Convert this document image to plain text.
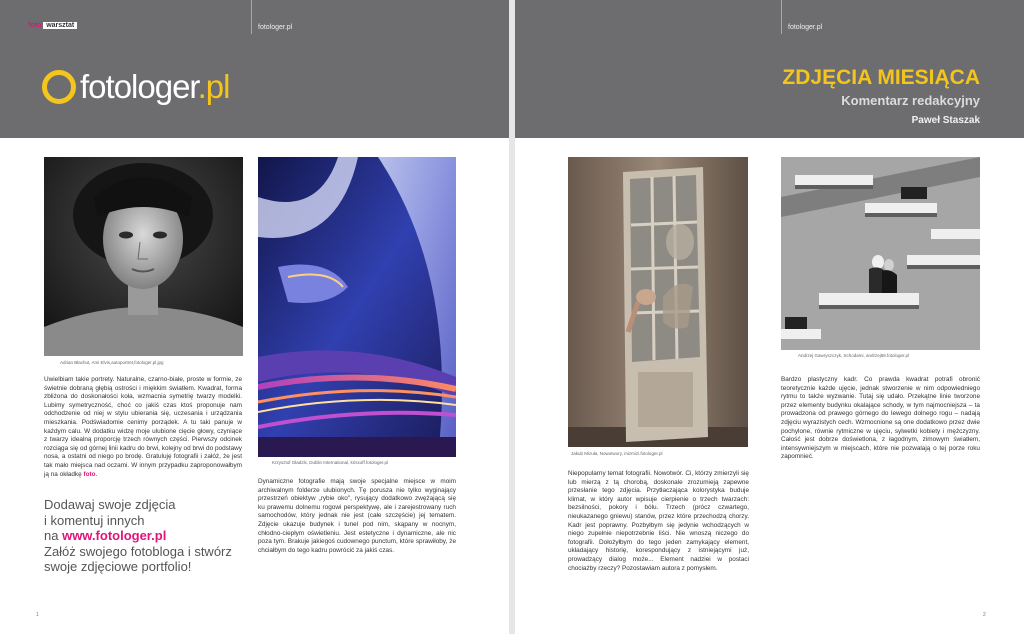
foto warsztat	fotologer.pl
fotologer.pl
Adrian Błachut, Ami Elvis,autoportret,fotologer.pl.jpg
Krzysztof Gładzik, Dublin International, krisxoff.fotologer.pl

Uwielbiam takie portrety. Naturalne, czarno-białe, proste w formie, ze świetnie dobraną głębią ostrości i miękkim światłem. Kwadrat, forma zbliżona do doskonałości koła, wzmacnia symetrię twarzy modelki. Lubimy symetryczność, choć co jakiś czas ktoś proponuje nam odchodzenie od niej w stylu ubierania się, uczesania i urządzania mieszkania. Podświadomie cenimy porządek. A tu taki panuje w każdym calu. W dodatku widzę moje ulubione cięcie głowy, czyniące z twarzy idealną proporcję trzech równych części. Pierwszy odcinek rozciąga się od górnej linii kadru do brwi, kolejny od brwi do podstawy nosa, a ostatni od niego po brodę. Gratuluję fotografii i załóż, że jest tak mało miejsca nad oczami. W innym przypadku zaproponowałbym ją na okładkę foto.

Dynamiczne fotografie mają swoje specjalne miejsce w moim archiwalnym folderze ulubionych. Tę porusza nie tylko wyginający przestrzeń obiektyw „rybie oko", rysujący dodatkowo zwężającą się ku prawemu dolnemu rogowi perspektywę, ale i zarejestrowany ruch samochodów, który jednak nie jest (całe szczęście) jej tematem. Zdjęcie ukazuje budynek i tunel pod nim, skąpany w nocnym, chłodno-ciepłym oświetleniu. Jest estetyczne i dynamiczne, ale nic poza tym. Brakuje jakiegoś cudownego punctum, które sprawiłoby, że chciałbym do tego kadru powrócić za jakiś czas.

Dodawaj swoje zdjęcia
i komentuj innych
na www.fotologer.pl
Załóż swojego fotobloga i stwórz
swoje zdjęciowe portfolio!
1
fotologer.pl
ZDJĘCIA MIESIĄCA
Komentarz redakcyjny
Paweł Staszak
Jakub Mizuła, Nowotwory, mizmizi.fotologer.pl
Andrzej Gawryszczyk, Schodami, andrzej68.fotologer.pl

Niepopularny temat fotografii. Nowotwór. Ci, którzy zmierzyli się lub mierzą z tą chorobą, doskonale zrozumieją zapewne przesłanie tego zdjęcia. Przytłaczająca kolorystyka buduje klimat, w który autor wpisuje cierpienie o trzech twarzach: bezsilności, pokory i bólu. Trzech (prócz czwartego, nieukazanego gniewu) stanów, przez które przechodzą chorzy. Kadr jest poprawny. Pozbyłbym się jedynie wchodzących w niego zupełnie niepotrzebnie liści. Nie wnoszą niczego do fotografii. Dołożyłbym do tego jeden zamykający element, układający historię, korespondujący z istniejącymi już, prowadzący dialog może... Element nadziei w postaci chociażby rzeczy? Pozostawiam autora z pomysłem.

Bardzo plastyczny kadr. Co prawda kwadrat potrafi obronić teoretycznie każde ujęcie, jednak stworzenie w nim odpowiedniego rytmu to także wyzwanie. Tutaj się udało. Przekątne linie tworzone przez elementy budynku okalające schody, w tym najmocniejsza – ta prowadzona od prawego górnego do lewego dolnego rogu – nadają zdjęciu wyrazistych cech. Wzmocnione są one dodatkowo przez dwie pochylone, równie rytmiczne w ujęciu, sylwetki kobiety i mężczyzny. Całość jest dobrze doświetlona, z łagodnym, zimowym światłem, intensywniejszym w miejscach, które nie pozwalają o tej porze roku zapomnieć.

2
